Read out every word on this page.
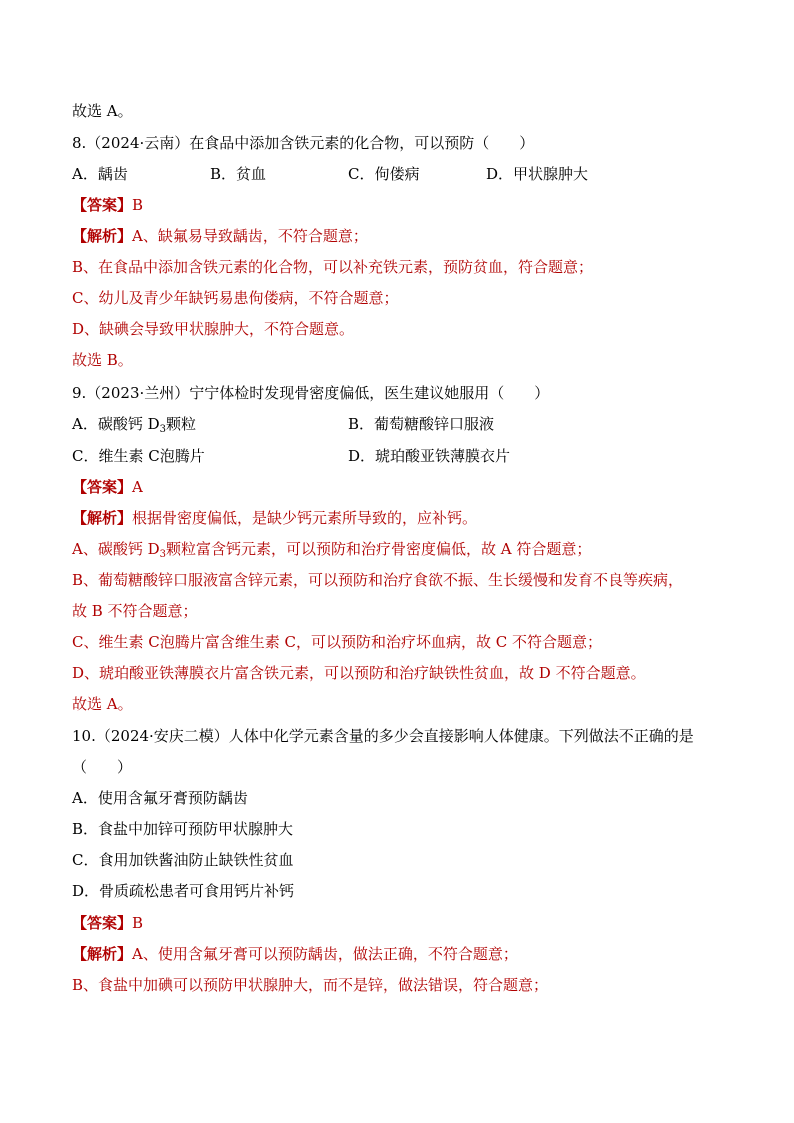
故选 A。
8.（2024·云南）在食品中添加含铁元素的化合物，可以预防（　　）
A．龋齿	B．贫血	C．佝偻病	D．甲状腺肿大
【答案】B
【解析】A、缺氟易导致龋齿，不符合题意；
B、在食品中添加含铁元素的化合物，可以补充铁元素，预防贫血，符合题意；
C、幼儿及青少年缺钙易患佝偻病，不符合题意；
D、缺碘会导致甲状腺肿大，不符合题意。
故选 B。
9.（2023·兰州）宁宁体检时发现骨密度偏低，医生建议她服用（　　）
A．碳酸钙 $D_3$颗粒	B．葡萄糖酸锌口服液
C．维生素 C泡腾片	D．琥珀酸亚铁薄膜衣片
【答案】A
【解析】根据骨密度偏低，是缺少钙元素所导致的，应补钙。
A、碳酸钙 $D_3$颗粒富含钙元素，可以预防和治疗骨密度偏低，故 A 符合题意；
B、葡萄糖酸锌口服液富含锌元素，可以预防和治疗食欲不振、生长缓慢和发育不良等疾病，
故 B 不符合题意；
C、维生素 C泡腾片富含维生素 C，可以预防和治疗坏血病，故 C 不符合题意；
D、琥珀酸亚铁薄膜衣片富含铁元素，可以预防和治疗缺铁性贫血，故 D 不符合题意。
故选 A。
10.（2024·安庆二模）人体中化学元素含量的多少会直接影响人体健康。下列做法不正确的是
（　　）
A．使用含氟牙膏预防龋齿
B．食盐中加锌可预防甲状腺肿大
C．食用加铁酱油防止缺铁性贫血
D．骨质疏松患者可食用钙片补钙
【答案】B
【解析】A、使用含氟牙膏可以预防龋齿，做法正确，不符合题意；
B、食盐中加碘可以预防甲状腺肿大，而不是锌，做法错误，符合题意；
